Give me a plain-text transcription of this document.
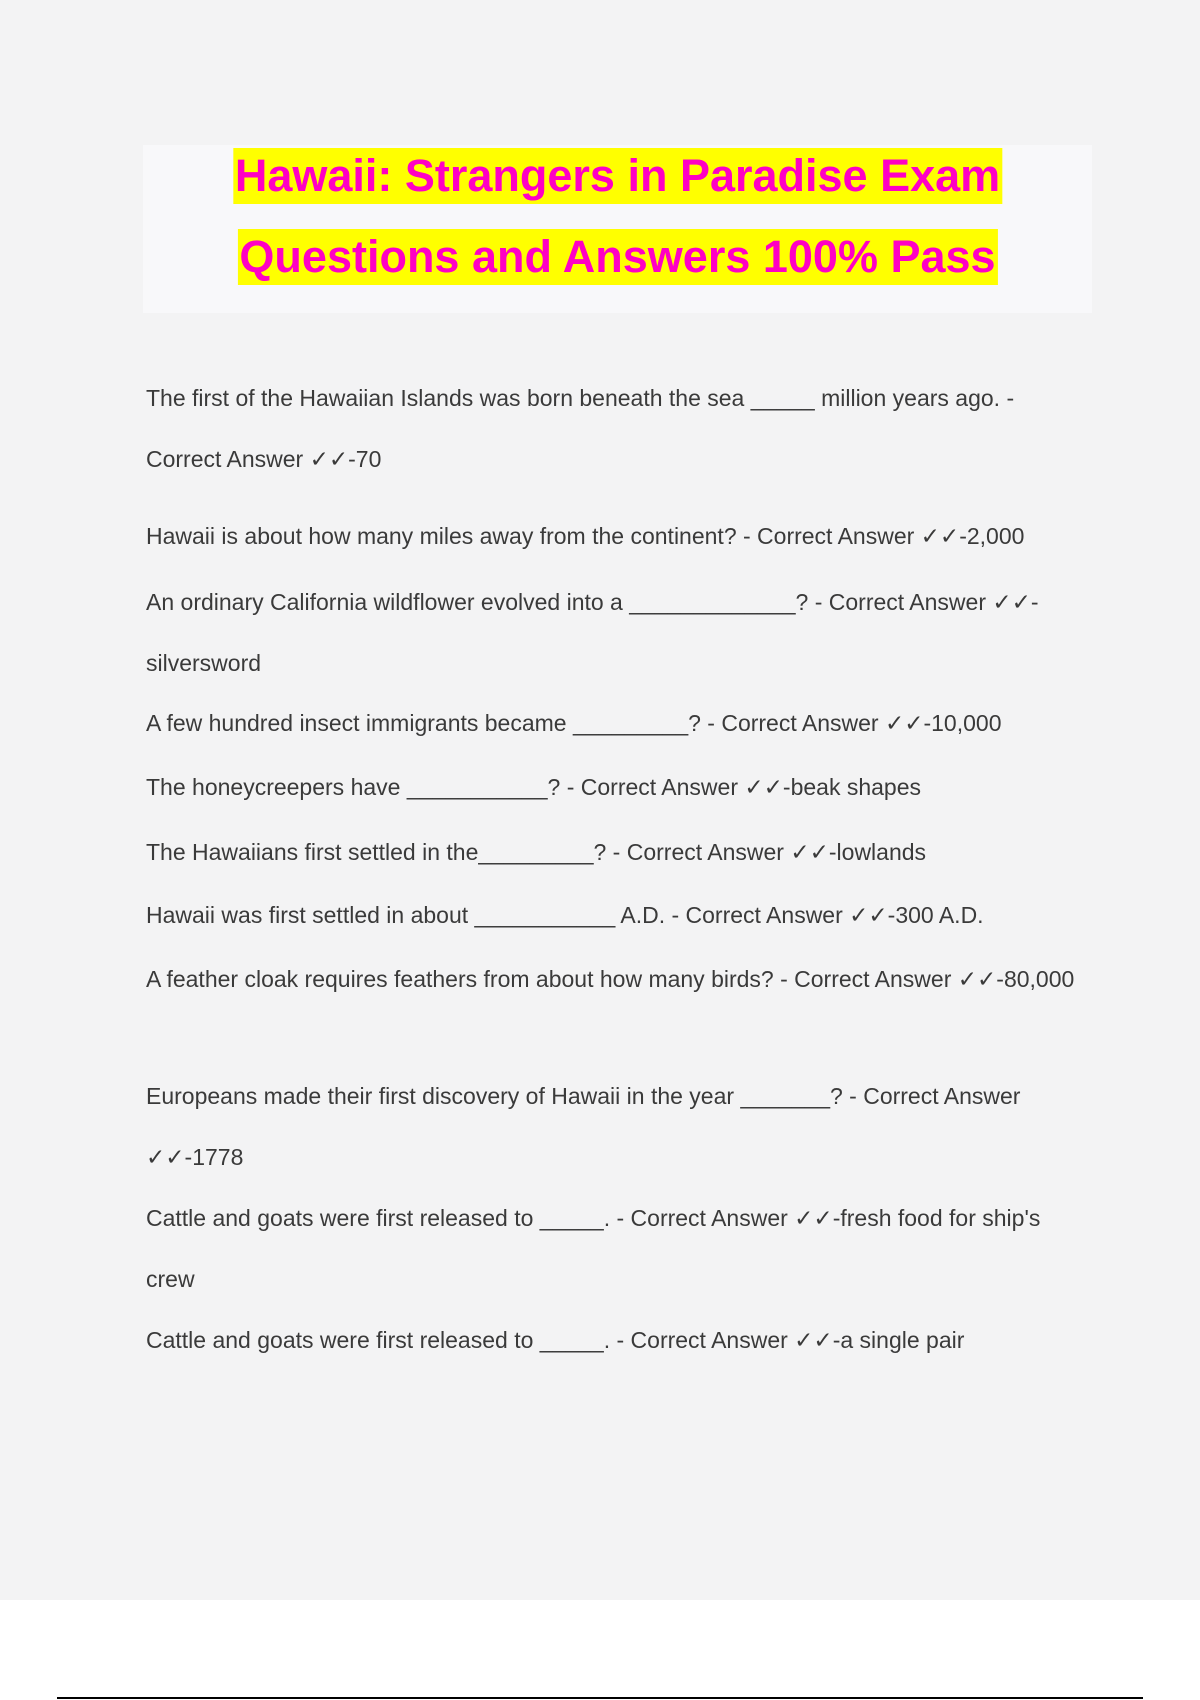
Hawaii: Strangers in Paradise Exam
Questions and Answers 100% Pass

The first of the Hawaiian Islands was born beneath the sea _____ million years ago. - Correct Answer ✓✓-70

Hawaii is about how many miles away from the continent? - Correct Answer ✓✓-2,000

An ordinary California wildflower evolved into a _____________? - Correct Answer ✓✓-silversword

A few hundred insect immigrants became _________? - Correct Answer ✓✓-10,000

The honeycreepers have ___________? - Correct Answer ✓✓-beak shapes

The Hawaiians first settled in the_________? - Correct Answer ✓✓-lowlands

Hawaii was first settled in about ___________ A.D. - Correct Answer ✓✓-300 A.D.

A feather cloak requires feathers from about how many birds? - Correct Answer ✓✓-80,000

Europeans made their first discovery of Hawaii in the year _______? - Correct Answer ✓✓-1778

Cattle and goats were first released to _____. - Correct Answer ✓✓-fresh food for ship's crew

Cattle and goats were first released to _____. - Correct Answer ✓✓-a single pair
